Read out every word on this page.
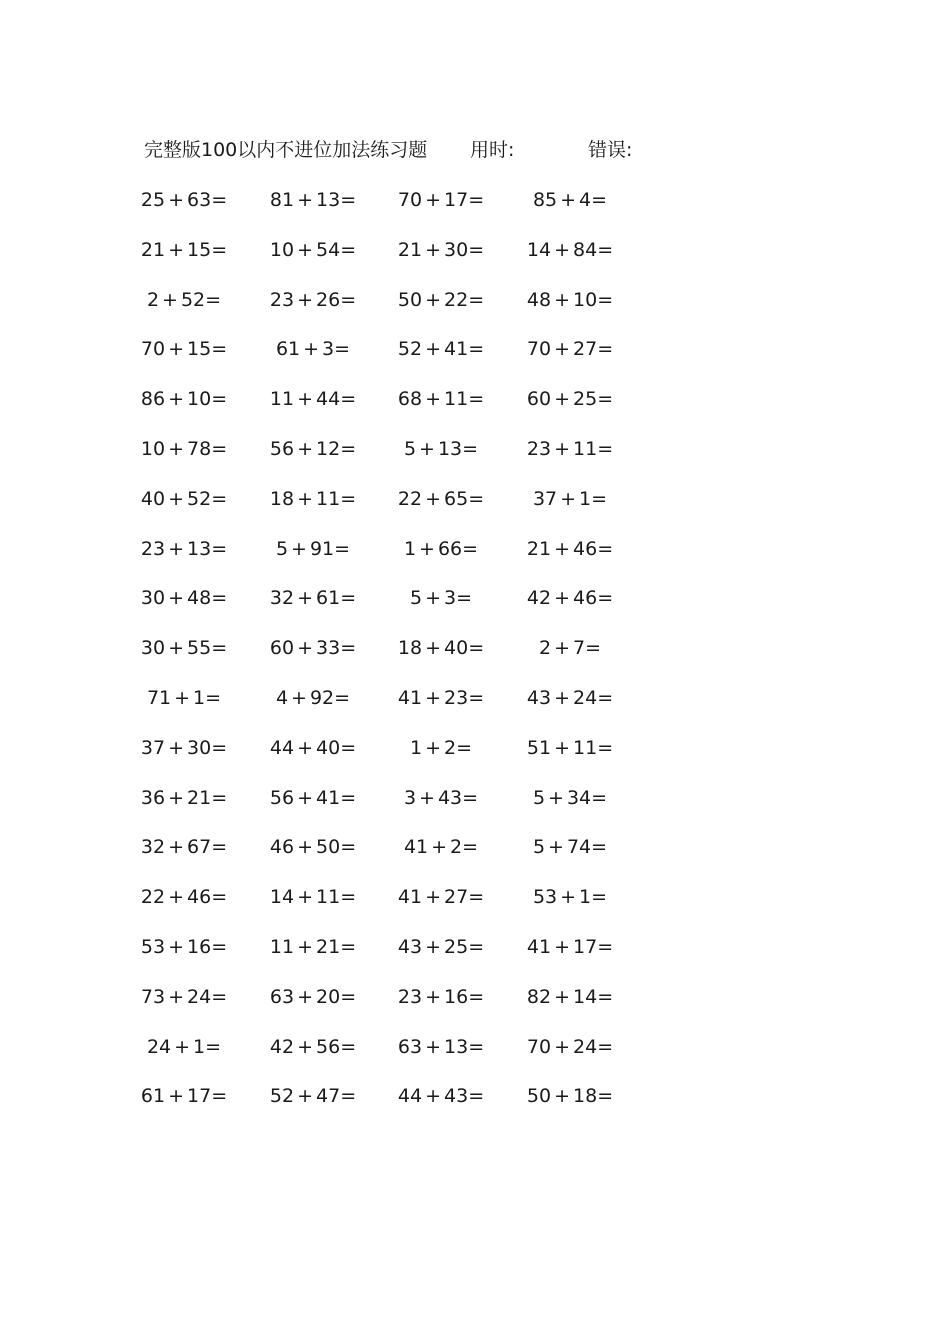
完整版100以内不进位加法练习题 用时:	错误:
25 + 63 = 81 + 13 = 70 + 17 =	85 + 4 =
21 + 15 = 10 + 54 = 21 + 30 = 14 + 84 =
2 + 52 =	23 + 26 = 50 + 22 = 48 + 10 =
70 + 15 =	61 + 3 =	52 + 41 = 70 + 27 =
86 + 10 = 11 + 44 = 68 + 11 = 60 + 25 =
10 + 78 = 56 + 12 =	5 + 13 =	23 + 11 =
40 + 52 = 18 + 11 = 22 + 65 =	37 + 1 =
23 + 13 =	5 + 91 =	1 + 66 =	21 + 46 =
30 + 48 = 32 + 61 =	5 + 3 =	42 + 46 =
30 + 55 = 60 + 33 = 18 + 40 =	2 + 7 =
71 + 1 =	4 + 92 =	41 + 23 = 43 + 24 =
37 + 30 = 44 + 40 =	1 + 2 =	51 + 11 =
36 + 21 = 56 + 41 =	3 + 43 =	5 + 34 =
32 + 67 = 46 + 50 =	41 + 2 =	5 + 74 =
22 + 46 = 14 + 11 = 41 + 27 =	53 + 1 =
53 + 16 = 11 + 21 = 43 + 25 = 41 + 17 =
73 + 24 = 63 + 20 = 23 + 16 = 82 + 14 =
24 + 1 =	42 + 56 = 63 + 13 = 70 + 24 =
61 + 17 = 52 + 47 = 44 + 43 = 50 + 18 =
